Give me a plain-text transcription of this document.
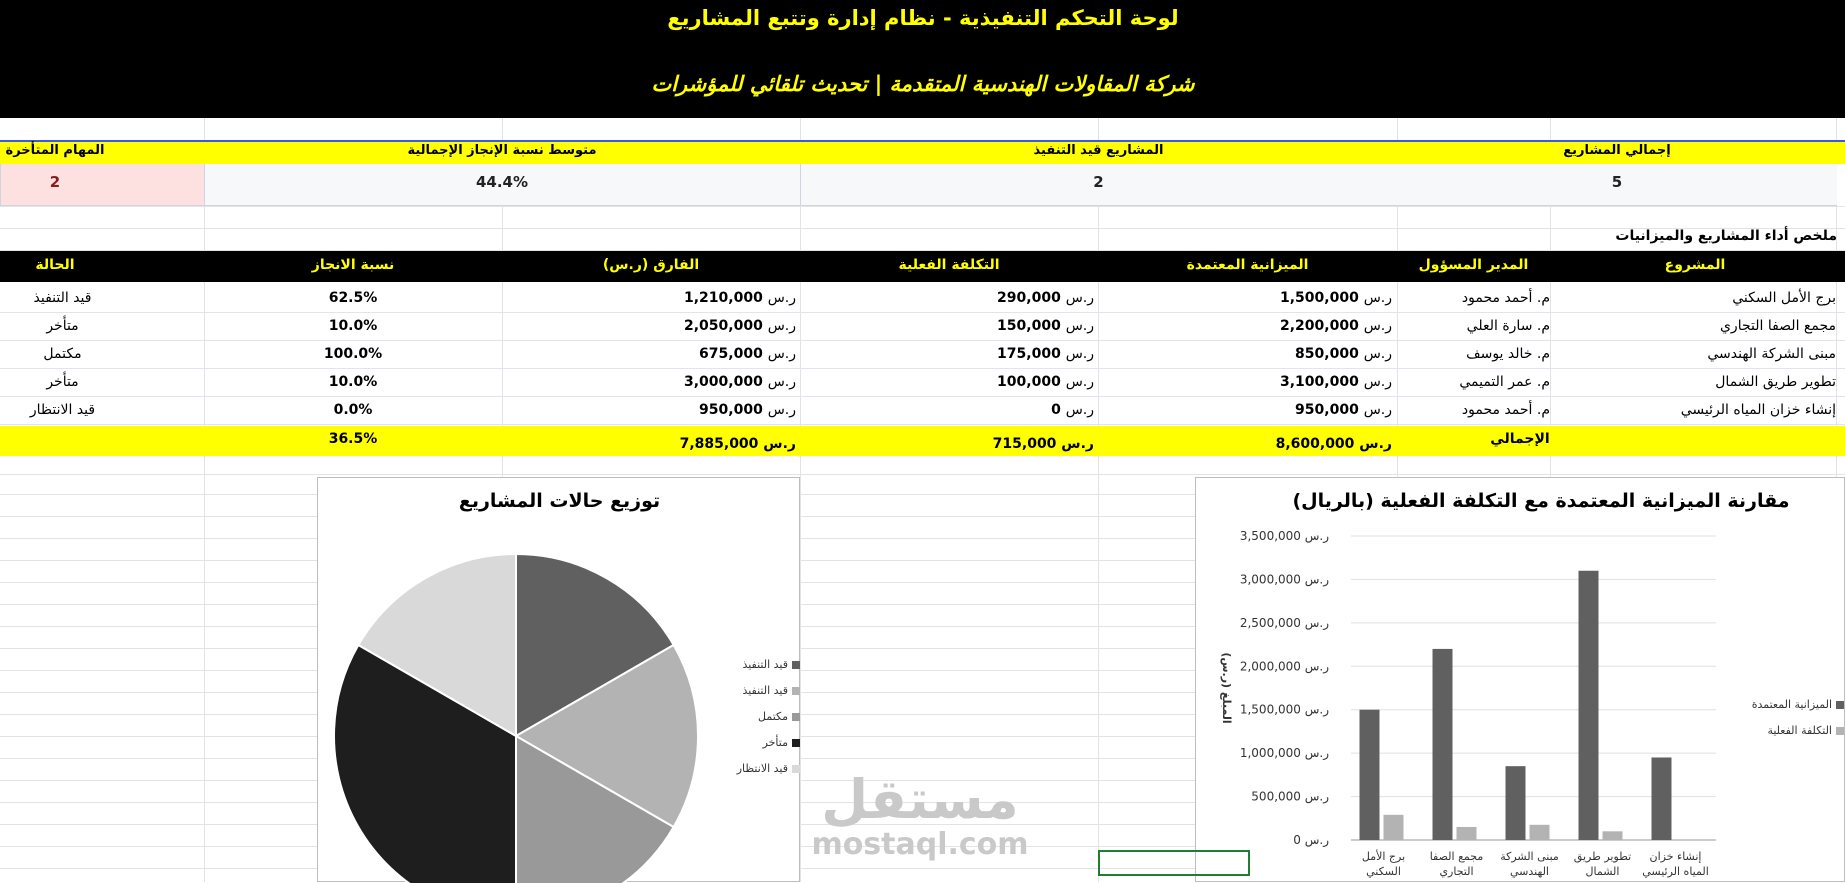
لوحة التحكم التنفيذية - نظام إدارة وتتبع المشاريع
شركة المقاولات الهندسية المتقدمة | تحديث تلقائي للمؤشرات
إجمالي المشاريع
المشاريع قيد التنفيذ
متوسط نسبة الإنجاز الإجمالية
المهام المتأخرة
5
2
44.4%
2
ملخص أداء المشاريع والميزانيات
المشروع
المدير المسؤول
الميزانية المعتمدة
التكلفة الفعلية
الفارق (ر.س)
نسبة الانجاز
الحالة
برج الأمل السكني
م. أحمد محمود
ر.س 1,500,000
ر.س 290,000
ر.س 1,210,000
62.5%
قيد التنفيذ
مجمع الصفا التجاري
م. سارة العلي
ر.س 2,200,000
ر.س 150,000
ر.س 2,050,000
10.0%
متأخر
مبنى الشركة الهندسي
م. خالد يوسف
ر.س 850,000
ر.س 175,000
ر.س 675,000
100.0%
مكتمل
تطوير طريق الشمال
م. عمر التميمي
ر.س 3,100,000
ر.س 100,000
ر.س 3,000,000
10.0%
متأخر
إنشاء خزان المياه الرئيسي
م. أحمد محمود
ر.س 950,000
ر.س 0
ر.س 950,000
0.0%
قيد الانتظار
الإجمالي
ر.س 8,600,000
ر.س 715,000
ر.س 7,885,000
36.5%
توزيع حالات المشاريع
قيد التنفيذ
قيد التنفيذ
مكتمل
متأخر
قيد الانتظار
مقارنة الميزانية المعتمدة مع التكلفة الفعلية (بالريال)
ر.س 0
ر.س 500,000
ر.س 1,000,000
ر.س 1,500,000
ر.س 2,000,000
ر.س 2,500,000
ر.س 3,000,000
ر.س 3,500,000
المبلغ (ر.س)
برج الأمل
السكني
مجمع الصفا
التجاري
مبنى الشركة
الهندسي
تطوير طريق
الشمال
إنشاء خزان
المياه الرئيسي
الميزانية المعتمدة
التكلفة الفعلية
مستقل
mostaql.com
